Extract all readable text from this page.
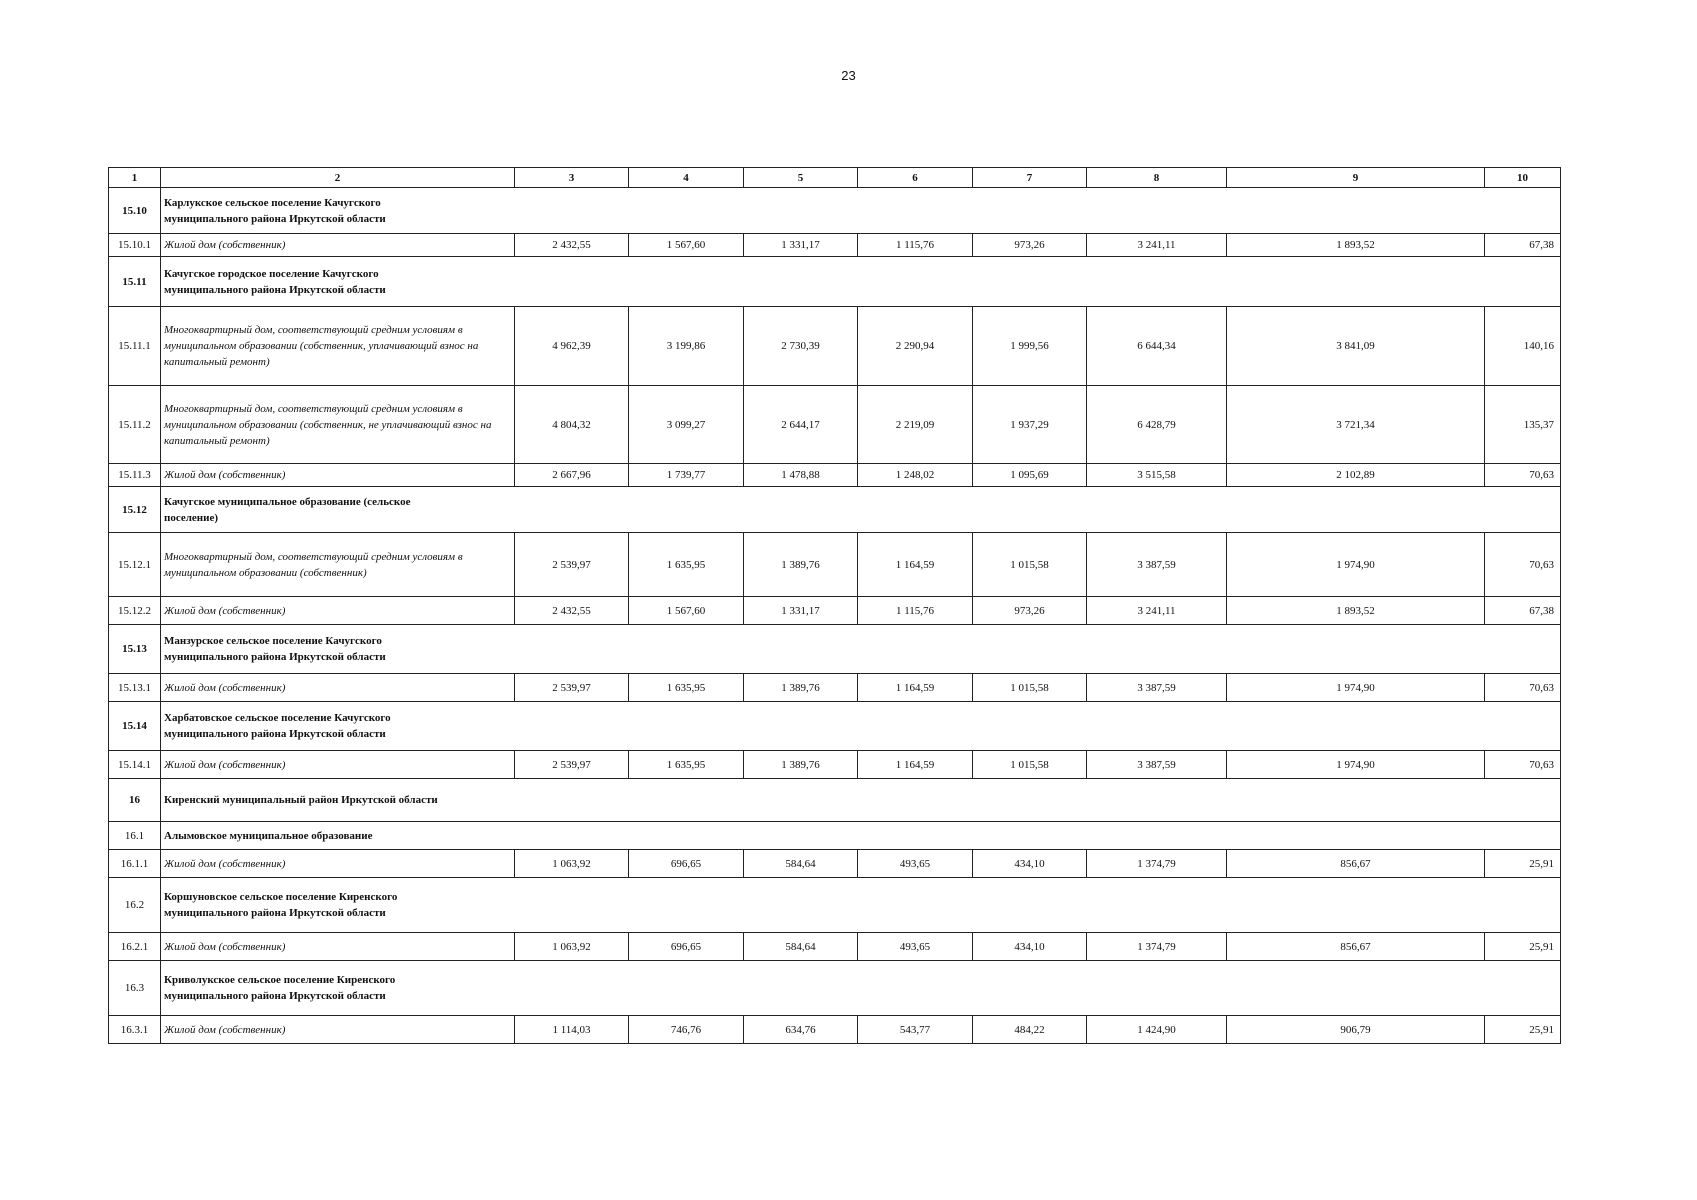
23
1	2	3	4	5	6	7	8	9	10
15.10	Карлукское сельское поселение Качугского муниципального района Иркутской области								

15.10.1	Жилой дом (собственник)	2 432,55	1 567,60	1 331,17	1 115,76	973,26	3 241,11	1 893,52	67,38
15.11	Качугское городское поселение Качугского муниципального района Иркутской области								

15.11.1	Многоквартирный дом, соответствующий средним условиям в муниципальном образовании (собственник, уплачивающий взнос на капитальный ремонт)	4 962,39	3 199,86	2 730,39	2 290,94	1 999,56	6 644,34	3 841,09	140,16
15.11.2	Многоквартирный дом, соответствующий средним условиям в муниципальном образовании (собственник, не уплачивающий взнос на капитальный ремонт)	4 804,32	3 099,27	2 644,17	2 219,09	1 937,29	6 428,79	3 721,34	135,37
15.11.3	Жилой дом (собственник)	2 667,96	1 739,77	1 478,88	1 248,02	1 095,69	3 515,58	2 102,89	70,63
15.12	Качугское муниципальное образование (сельское поселение)								

15.12.1	Многоквартирный дом, соответствующий средним условиям в муниципальном образовании (собственник)	2 539,97	1 635,95	1 389,76	1 164,59	1 015,58	3 387,59	1 974,90	70,63
15.12.2	Жилой дом (собственник)	2 432,55	1 567,60	1 331,17	1 115,76	973,26	3 241,11	1 893,52	67,38
15.13	Манзурское сельское поселение Качугского муниципального района Иркутской области								

15.13.1	Жилой дом (собственник)	2 539,97	1 635,95	1 389,76	1 164,59	1 015,58	3 387,59	1 974,90	70,63
15.14	Харбатовское сельское поселение Качугского муниципального района Иркутской области								

15.14.1	Жилой дом (собственник)	2 539,97	1 635,95	1 389,76	1 164,59	1 015,58	3 387,59	1 974,90	70,63
16	Киренский муниципальный район Иркутской области								

16.1	Алымовское муниципальное образование								

16.1.1	Жилой дом (собственник)	1 063,92	696,65	584,64	493,65	434,10	1 374,79	856,67	25,91
16.2	Коршуновское сельское поселение Киренского муниципального района Иркутской области								

16.2.1	Жилой дом (собственник)	1 063,92	696,65	584,64	493,65	434,10	1 374,79	856,67	25,91
16.3	Криволукское сельское поселение Киренского муниципального района Иркутской области								

16.3.1	Жилой дом (собственник)	1 114,03	746,76	634,76	543,77	484,22	1 424,90	906,79	25,91
